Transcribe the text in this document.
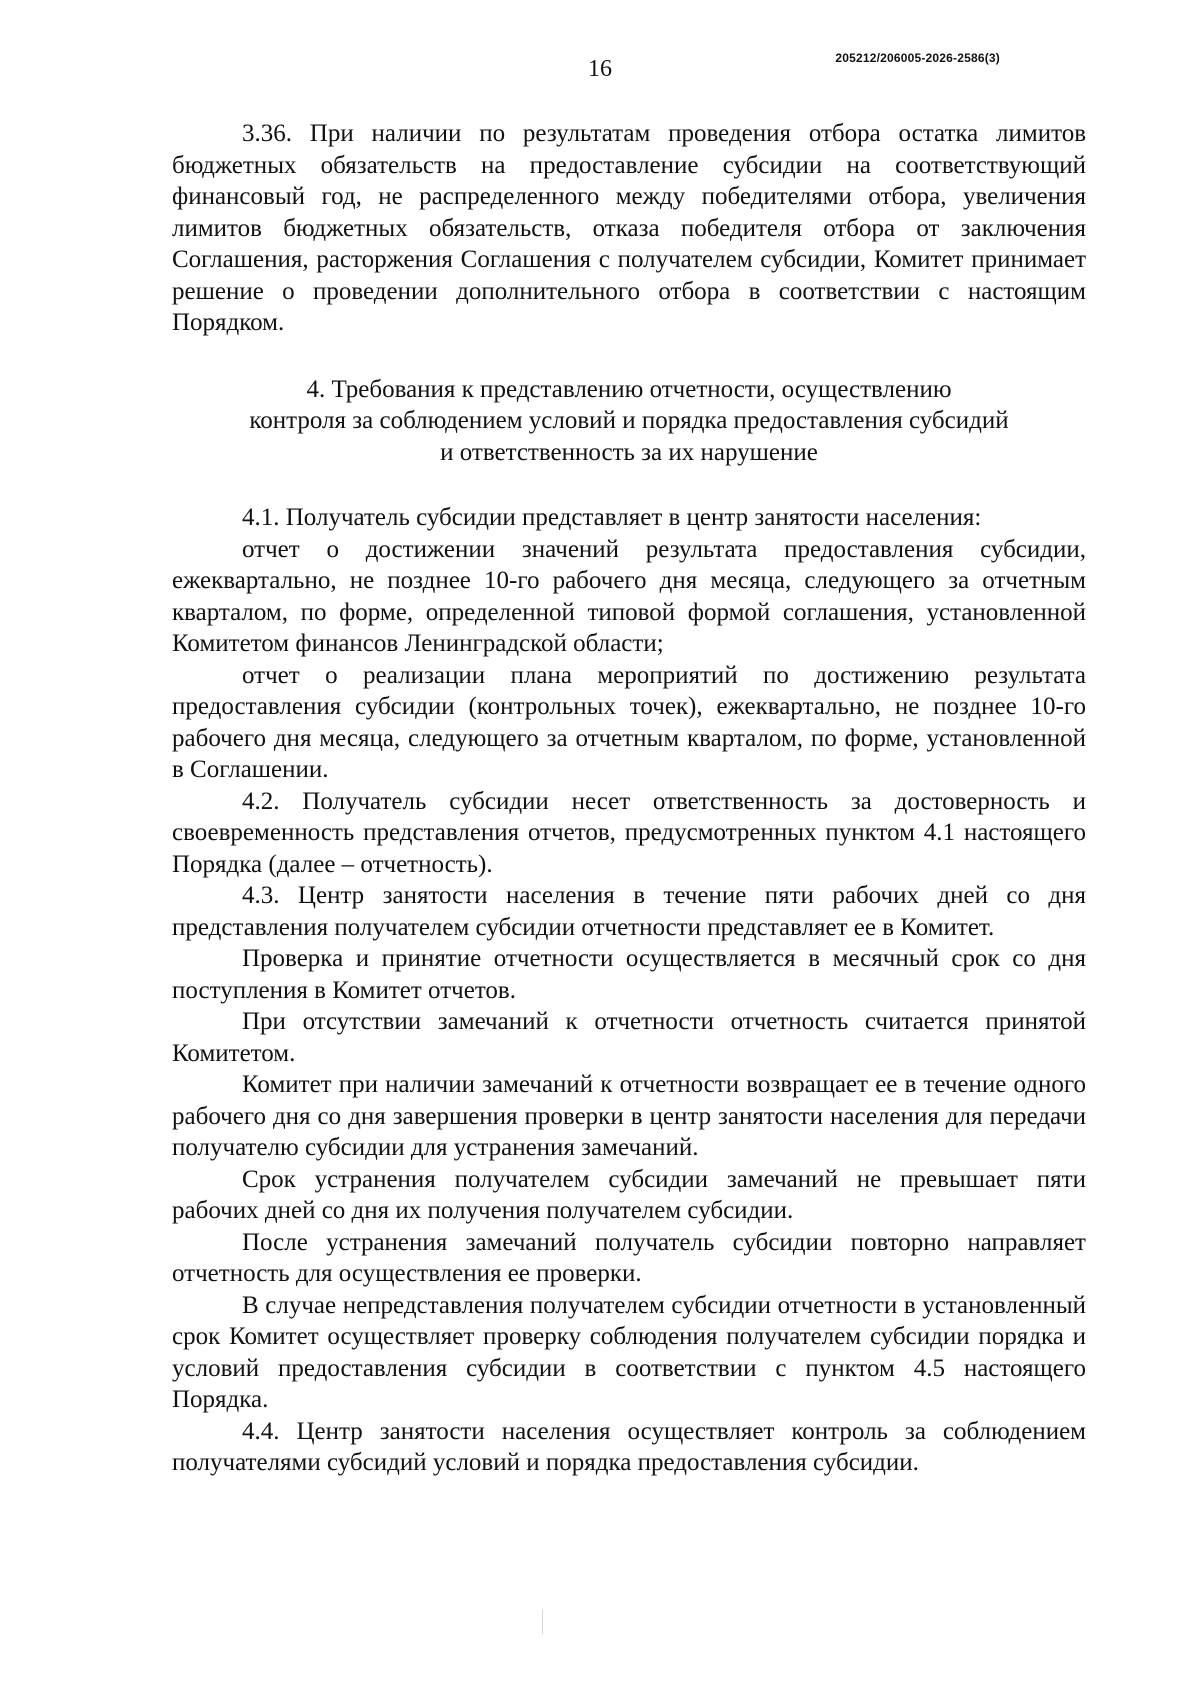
16	205212/206005-2026-2586(3)

3.36. При наличии по результатам проведения отбора остатка лимитов бюджетных обязательств на предоставление субсидии на соответствующий финансовый год, не распределенного между победителями отбора, увеличения лимитов бюджетных обязательств, отказа победителя отбора от заключения Соглашения, расторжения Соглашения с получателем субсидии, Комитет принимает решение о проведении дополнительного отбора в соответствии с настоящим Порядком.

4. Требования к представлению отчетности, осуществлению
контроля за соблюдением условий и порядка предоставления субсидий
и ответственность за их нарушение

4.1. Получатель субсидии представляет в центр занятости населения:

отчет о достижении значений результата предоставления субсидии, ежеквартально, не позднее 10-го рабочего дня месяца, следующего за отчетным кварталом, по форме, определенной типовой формой соглашения, установленной Комитетом финансов Ленинградской области;

отчет о реализации плана мероприятий по достижению результата предоставления субсидии (контрольных точек), ежеквартально, не позднее 10-го рабочего дня месяца, следующего за отчетным кварталом, по форме, установленной в Соглашении.

4.2. Получатель субсидии несет ответственность за достоверность и своевременность представления отчетов, предусмотренных пунктом 4.1 настоящего Порядка (далее – отчетность).

4.3. Центр занятости населения в течение пяти рабочих дней со дня представления получателем субсидии отчетности представляет ее в Комитет.

Проверка и принятие отчетности осуществляется в месячный срок со дня поступления в Комитет отчетов.

При отсутствии замечаний к отчетности отчетность считается принятой Комитетом.

Комитет при наличии замечаний к отчетности возвращает ее в течение одного рабочего дня со дня завершения проверки в центр занятости населения для передачи получателю субсидии для устранения замечаний.

Срок устранения получателем субсидии замечаний не превышает пяти рабочих дней со дня их получения получателем субсидии.

После устранения замечаний получатель субсидии повторно направляет отчетность для осуществления ее проверки.

В случае непредставления получателем субсидии отчетности в установленный срок Комитет осуществляет проверку соблюдения получателем субсидии порядка и условий предоставления субсидии в соответствии с пунктом 4.5 настоящего Порядка.

4.4. Центр занятости населения осуществляет контроль за соблюдением получателями субсидий условий и порядка предоставления субсидии.
